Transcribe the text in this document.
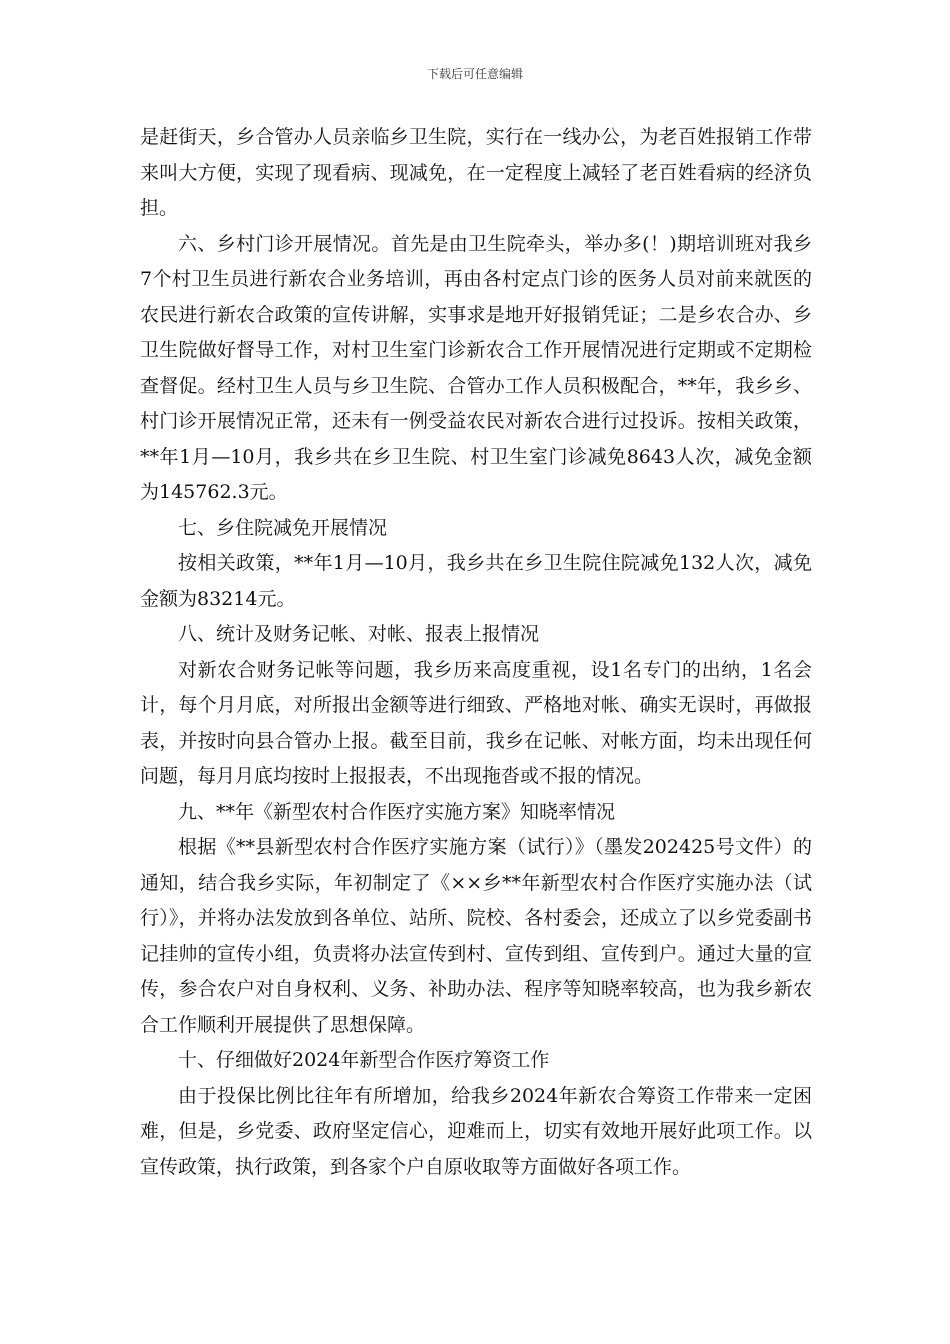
下载后可任意编辑

是赶街天，乡合管办人员亲临乡卫生院，实行在一线办公，为老百姓报销工作带来叫大方便，实现了现看病、现减免，在一定程度上减轻了老百姓看病的经济负担。

六、乡村门诊开展情况。首先是由卫生院牵头，举办多(！)期培训班对我乡7个村卫生员进行新农合业务培训，再由各村定点门诊的医务人员对前来就医的农民进行新农合政策的宣传讲解，实事求是地开好报销凭证；二是乡农合办、乡卫生院做好督导工作，对村卫生室门诊新农合工作开展情况进行定期或不定期检查督促。经村卫生人员与乡卫生院、合管办工作人员积极配合，**年，我乡乡、村门诊开展情况正常，还未有一例受益农民对新农合进行过投诉。按相关政策，**年1月—10月，我乡共在乡卫生院、村卫生室门诊减免8643人次，减免金额为145762.3元。

七、乡住院减免开展情况

按相关政策，**年1月—10月，我乡共在乡卫生院住院减免132人次，减免金额为83214元。

八、统计及财务记帐、对帐、报表上报情况

对新农合财务记帐等问题，我乡历来高度重视，设1名专门的出纳，1名会计，每个月月底，对所报出金额等进行细致、严格地对帐、确实无误时，再做报表，并按时向县合管办上报。截至目前，我乡在记帐、对帐方面，均未出现任何问题，每月月底均按时上报报表，不出现拖沓或不报的情况。

九、**年《新型农村合作医疗实施方案》知晓率情况

根据《**县新型农村合作医疗实施方案（试行）》（墨发202425号文件）的通知，结合我乡实际，年初制定了《××乡**年新型农村合作医疗实施办法（试行）》，并将办法发放到各单位、站所、院校、各村委会，还成立了以乡党委副书记挂帅的宣传小组，负责将办法宣传到村、宣传到组、宣传到户。通过大量的宣传，参合农户对自身权利、义务、补助办法、程序等知晓率较高，也为我乡新农合工作顺利开展提供了思想保障。

十、仔细做好2024年新型合作医疗筹资工作

由于投保比例比往年有所增加，给我乡2024年新农合筹资工作带来一定困难，但是，乡党委、政府坚定信心，迎难而上，切实有效地开展好此项工作。以宣传政策，执行政策，到各家个户自原收取等方面做好各项工作。
